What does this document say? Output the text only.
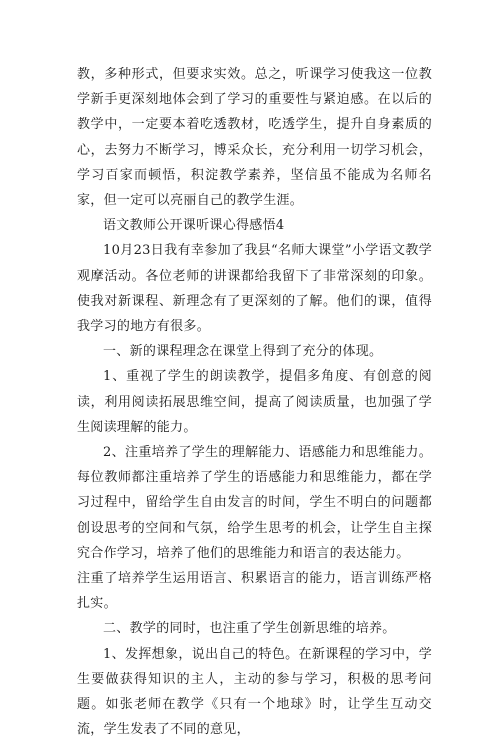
教，多种形式，但要求实效。总之，听课学习使我这一位教学新手更深刻地体会到了学习的重要性与紧迫感。在以后的教学中，一定要本着吃透教材，吃透学生，提升自身素质的心，去努力不断学习，博采众长，充分利用一切学习机会，学习百家而顿悟，积淀教学素养，坚信虽不能成为名师名家，但一定可以亮丽自己的教学生涯。

语文教师公开课听课心得感悟4

10月23日我有幸参加了我县“名师大课堂”小学语文教学观摩活动。各位老师的讲课都给我留下了非常深刻的印象。使我对新课程、新理念有了更深刻的了解。他们的课，值得我学习的地方有很多。

一、新的课程理念在课堂上得到了充分的体现。

1、重视了学生的朗读教学，提倡多角度、有创意的阅读，利用阅读拓展思维空间，提高了阅读质量，也加强了学生阅读理解的能力。

2、注重培养了学生的理解能力、语感能力和思维能力。每位教师都注重培养了学生的语感能力和思维能力，都在学习过程中，留给学生自由发言的时间，学生不明白的问题都创设思考的空间和气氛，给学生思考的机会，让学生自主探究合作学习，培养了他们的思维能力和语言的表达能力。

注重了培养学生运用语言、积累语言的能力，语言训练严格扎实。

二、教学的同时，也注重了学生创新思维的培养。

1、发挥想象，说出自己的特色。在新课程的学习中，学生要做获得知识的主人，主动的参与学习，积极的思考问题。如张老师在教学《只有一个地球》时，让学生互动交流，学生发表了不同的意见，
